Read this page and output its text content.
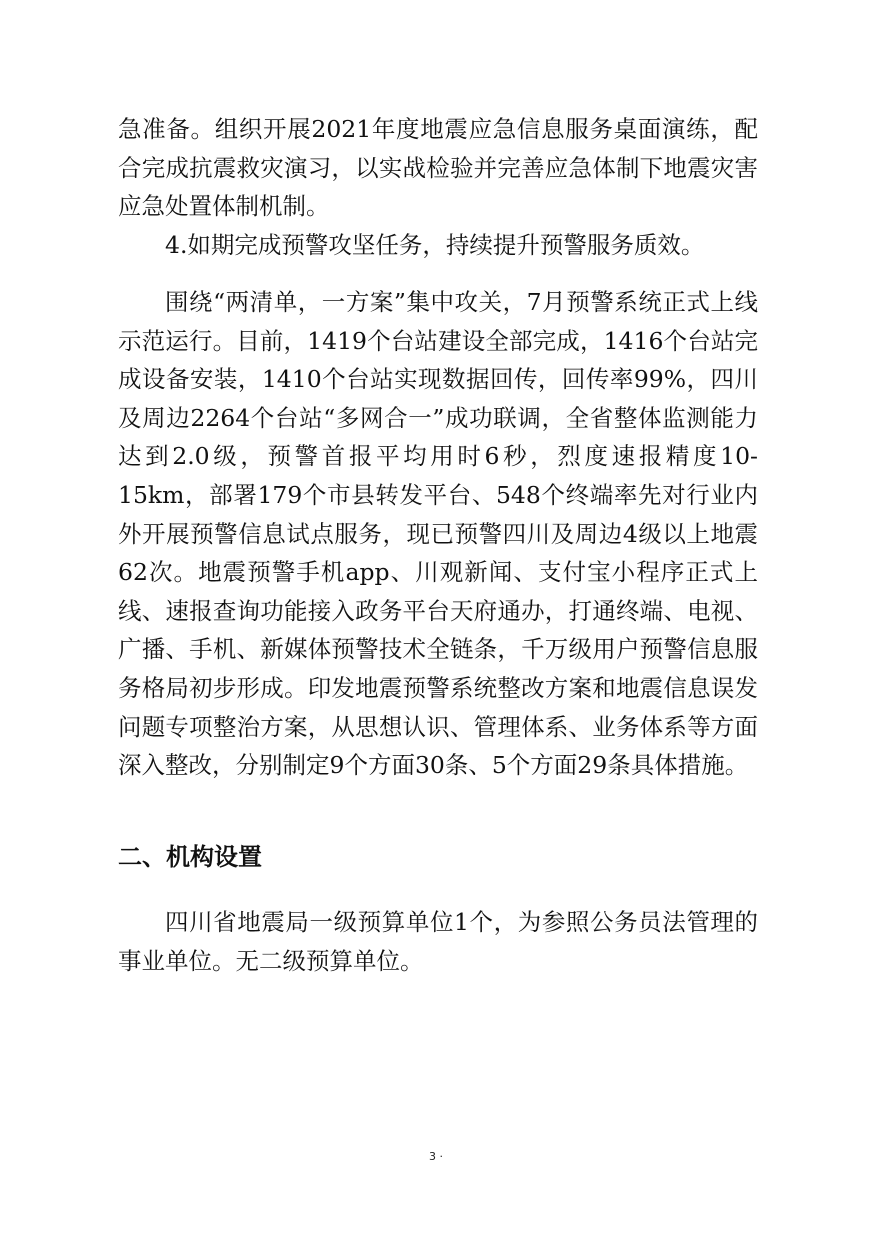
急准备。组织开展2021年度地震应急信息服务桌面演练，配合完成抗震救灾演习，以实战检验并完善应急体制下地震灾害应急处置体制机制。

4.如期完成预警攻坚任务，持续提升预警服务质效。

围绕“两清单，一方案”集中攻关，7月预警系统正式上线示范运行。目前，1419个台站建设全部完成，1416个台站完成设备安装，1410个台站实现数据回传，回传率99%，四川及周边2264个台站“多网合一”成功联调，全省整体监测能力达到2.0级，预警首报平均用时6秒，烈度速报精度10-15km，部署179个市县转发平台、548个终端率先对行业内外开展预警信息试点服务，现已预警四川及周边4级以上地震62次。地震预警手机app、川观新闻、支付宝小程序正式上线、速报查询功能接入政务平台天府通办，打通终端、电视、广播、手机、新媒体预警技术全链条，千万级用户预警信息服务格局初步形成。印发地震预警系统整改方案和地震信息误发问题专项整治方案，从思想认识、管理体系、业务体系等方面深入整改，分别制定9个方面30条、5个方面29条具体措施。

二、机构设置

四川省地震局一级预算单位1个，为参照公务员法管理的事业单位。无二级预算单位。

3 ·
